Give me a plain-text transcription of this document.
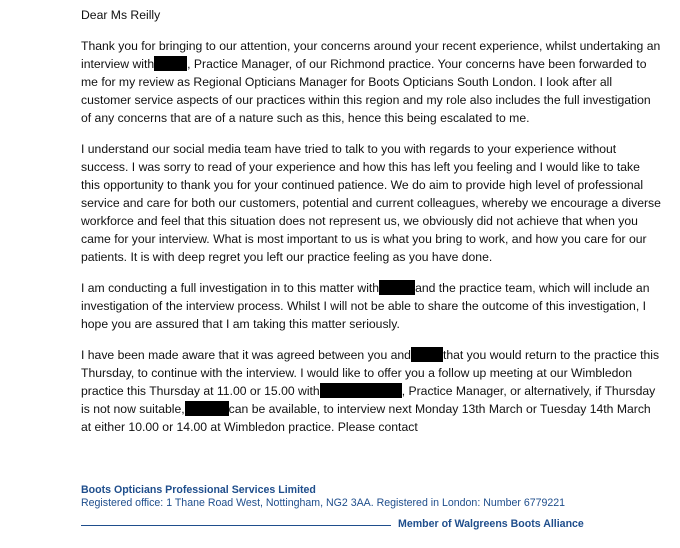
Dear Ms Reilly

Thank you for bringing to our attention, your concerns around your recent experience, whilst undertaking an interview with	, Practice Manager, of our Richmond practice. Your concerns have been forwarded to me for my review as Regional Opticians Manager for Boots Opticians South London. I look after all customer service aspects of our practices within this region and my role also includes the full investigation of any concerns that are of a nature such as this, hence this being escalated to me.

I understand our social media team have tried to talk to you with regards to your experience without success. I was sorry to read of your experience and how this has left you feeling and I would like to take this opportunity to thank you for your continued patience. We do aim to provide high level of professional service and care for both our customers, potential and current colleagues, whereby we encourage a diverse workforce and feel that this situation does not represent us, we obviously did not achieve that when you came for your interview. What is most important to us is what you bring to work, and how you care for our patients. It is with deep regret you left our practice feeling as you have done.

I am conducting a full investigation in to this matter with	and the practice team, which will include an investigation of the interview process. Whilst I will not be able to share the outcome of this investigation, I hope you are assured that I am taking this matter seriously.

I have been made aware that it was agreed between you and	that you would return to the practice this Thursday, to continue with the interview. I would like to offer you a follow up meeting at our Wimbledon practice this Thursday at 11.00 or 15.00 with	, Practice Manager, or alternatively, if Thursday is not now suitable,	can be available, to interview next Monday 13th March or Tuesday 14th March at either 10.00 or 14.00 at Wimbledon practice. Please contact

Boots Opticians Professional Services Limited
Registered office: 1 Thane Road West, Nottingham, NG2 3AA. Registered in London: Number 6779221
Member of Walgreens Boots Alliance
